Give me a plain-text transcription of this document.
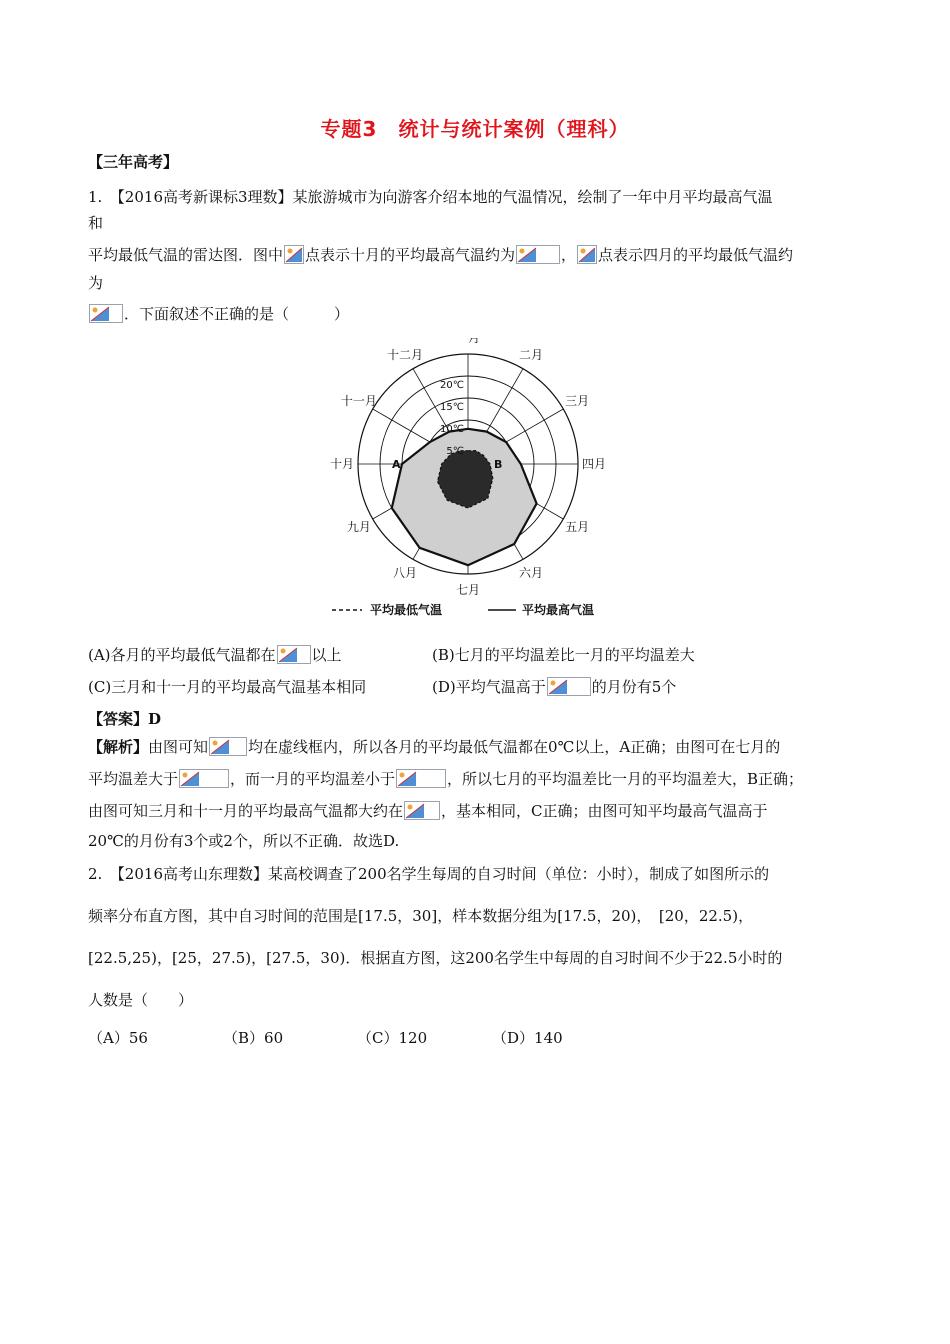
专题3　统计与统计案例（理科）
【三年高考】
1.　【2016高考新课标3理数】某旅游城市为向游客介绍本地的气温情况，绘制了一年中月平均最高气温
和
平均最低气温的雷达图．图中 点表示十月的平均最高气温约为	， 点表示四月的平均最低气温约
为
．下面叙述不正确的是（　　　）
5℃
10℃
15℃
20℃
一月
二月
三月
四月
五月
六月
七月
八月
九月
十月
十一月
十二月
A	B
平均最低气温	平均最高气温
(A)各月的平均最低气温都在 以上	(B)七月的平均温差比一月的平均温差大
(C)三月和十一月的平均最高气温基本相同	(D)平均气温高于	的月份有5个
【答案】D
【解析】由图可知	均在虚线框内，所以各月的平均最低气温都在0℃以上，A正确；由图可在七月的
平均温差大于	，而一月的平均温差小于	，所以七月的平均温差比一月的平均温差大，B正确；
由图可知三月和十一月的平均最高气温都大约在	，基本相同，C正确；由图可知平均最高气温高于
20℃的月份有3个或2个，所以不正确．故选D.
2.　【2016高考山东理数】某高校调查了200名学生每周的自习时间（单位：小时），制成了如图所示的
频率分布直方图，其中自习时间的范围是[17.5，30]，样本数据分组为[17.5，20)，　[20，22.5)，
[22.5,25)，[25，27.5)，[27.5，30)．根据直方图，这200名学生中每周的自习时间不少于22.5小时的
人数是（　　）
（A）56	（B）60	（C）120	（D）140
